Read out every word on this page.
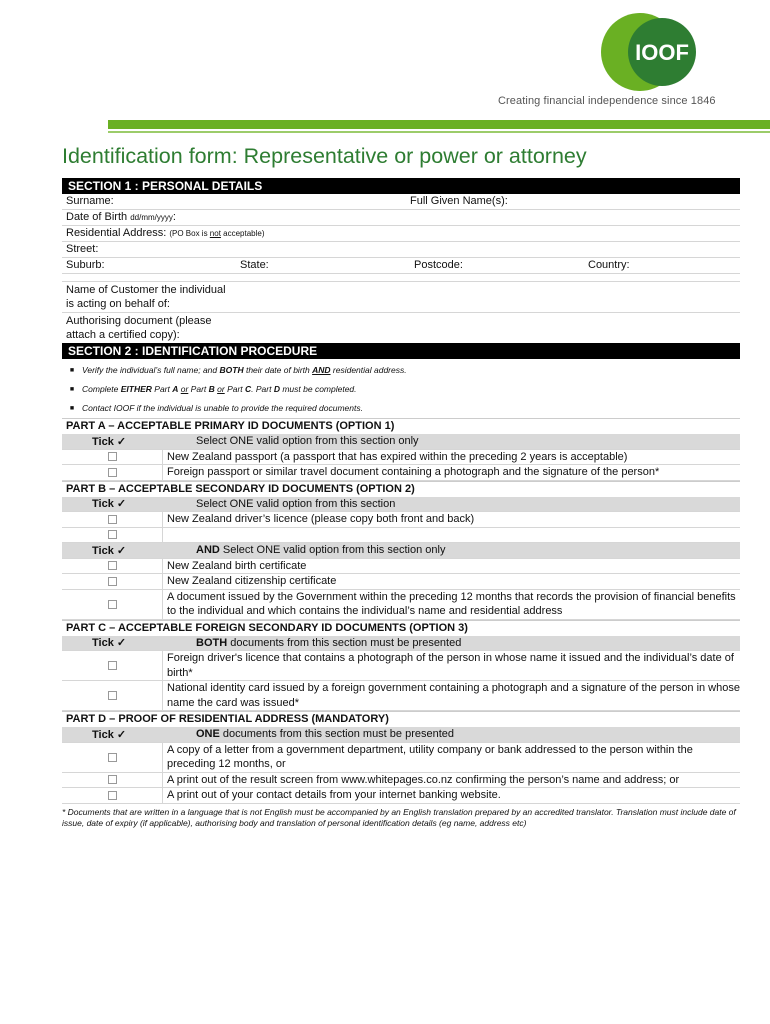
IOOF
Creating financial independence since 1846
Identification form: Representative or power or attorney
SECTION 1 : PERSONAL DETAILS
Surname:	Full Given Name(s):
Date of Birth dd/mm/yyyy:
Residential Address: (PO Box is not acceptable)
Street:
Suburb:	State:	Postcode:	Country:
Name of Customer the individual
is acting on behalf of:
Authorising document (please
attach a certified copy):
SECTION 2 : IDENTIFICATION PROCEDURE
■ Verify the individual’s full name; and BOTH their date of birth AND residential address.
■ Complete EITHER Part A or Part B or Part C. Part D must be completed.
■ Contact IOOF if the individual is unable to provide the required documents.
PART A – ACCEPTABLE PRIMARY ID DOCUMENTS (OPTION 1)
Tick ✓	Select ONE valid option from this section only
New Zealand passport (a passport that has expired within the preceding 2 years is acceptable)
Foreign passport or similar travel document containing a photograph and the signature of the person*
PART B – ACCEPTABLE SECONDARY ID DOCUMENTS (OPTION 2)
Tick ✓	Select ONE valid option from this section
New Zealand driver’s licence (please copy both front and back)
Tick ✓	AND Select ONE valid option from this section only
New Zealand birth certificate
New Zealand citizenship certificate
A document issued by the Government within the preceding 12 months that records the provision of financial benefits to the individual and which contains the individual’s name and residential address
PART C – ACCEPTABLE FOREIGN SECONDARY ID DOCUMENTS (OPTION 3)
Tick ✓	BOTH documents from this section must be presented
Foreign driver's licence that contains a photograph of the person in whose name it issued and the individual’s date of birth*
National identity card issued by a foreign government containing a photograph and a signature of the person in whose name the card was issued*
PART D – PROOF OF RESIDENTIAL ADDRESS (MANDATORY)
Tick ✓	ONE documents from this section must be presented
A copy of a letter from a government department, utility company or bank addressed to the person within the preceding 12 months, or
A print out of the result screen from www.whitepages.co.nz confirming the person’s name and address; or
A print out of your contact details from your internet banking website.
* Documents that are written in a language that is not English must be accompanied by an English translation prepared by an accredited translator. Translation must include date of issue, date of expiry (if applicable), authorising body and translation of personal identification details (eg name, address etc)
